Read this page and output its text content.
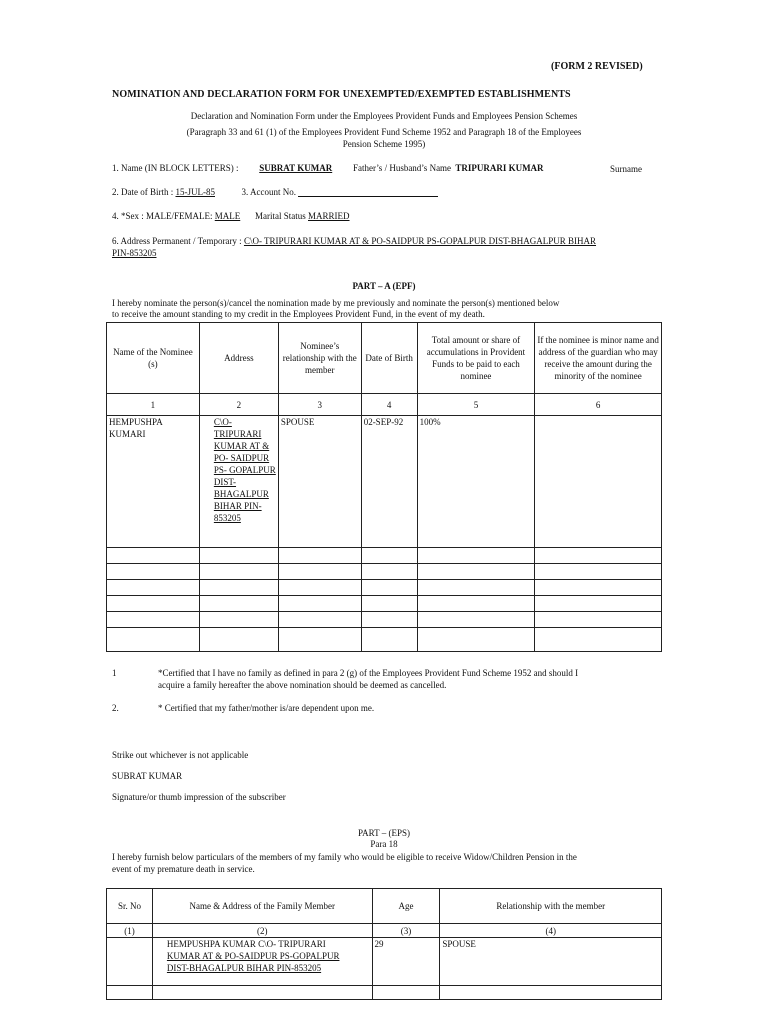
(FORM 2 REVISED)
NOMINATION AND DECLARATION FORM FOR UNEXEMPTED/EXEMPTED ESTABLISHMENTS
Declaration and Nomination Form under the Employees Provident Funds and Employees Pension Schemes
(Paragraph 33 and 61 (1) of the Employees Provident Fund Scheme 1952 and Paragraph 18 of the Employees
Pension Scheme 1995)
1. Name (IN BLOCK LETTERS) : SUBRAT KUMAR Father’s / Husband’s Name TRIPURARI KUMAR	Surname
2. Date of Birth : 15-JUL-85	3. Account No.
4. *Sex : MALE/FEMALE: MALE Marital Status MARRIED
6. Address Permanent / Temporary : C\O- TRIPURARI KUMAR AT & PO-SAIDPUR PS-GOPALPUR DIST-BHAGALPUR BIHAR
PIN-853205
PART – A (EPF)
I hereby nominate the person(s)/cancel the nomination made by me previously and nominate the person(s) mentioned below
to receive the amount standing to my credit in the Employees Provident Fund, in the event of my death.
Name of the Nominee (s)	Address	Nominee’s relationship with the member	Date of Birth	Total amount or share of accumulations in Provident Funds to be paid to each nominee	If the nominee is minor name and address of the guardian who may receive the amount during the minority of the nominee
1	2	3	4	5	6
HEMPUSHPA KUMARI	C\O- TRIPURARI KUMAR AT & PO- SAIDPUR PS- GOPALPUR DIST- BHAGALPUR BIHAR PIN- 853205	SPOUSE	02-SEP-92	100%	

1	*Certified that I have no family as defined in para 2 (g) of the Employees Provident Fund Scheme 1952 and should I
acquire a family hereafter the above nomination should be deemed as cancelled.
2.	* Certified that my father/mother is/are dependent upon me.
Strike out whichever is not applicable
SUBRAT KUMAR
Signature/or thumb impression of the subscriber
PART – (EPS)
Para 18
I hereby furnish below particulars of the members of my family who would be eligible to receive Widow/Children Pension in the
event of my premature death in service.
Sr. No	Name & Address of the Family Member	Age	Relationship with the member
(1)	(2)	(3)	(4)

	HEMPUSHPA KUMAR C\O- TRIPURARI
KUMAR AT & PO-SAIDPUR PS-GOPALPUR
DIST-BHAGALPUR BIHAR PIN-853205	29	SPOUSE
